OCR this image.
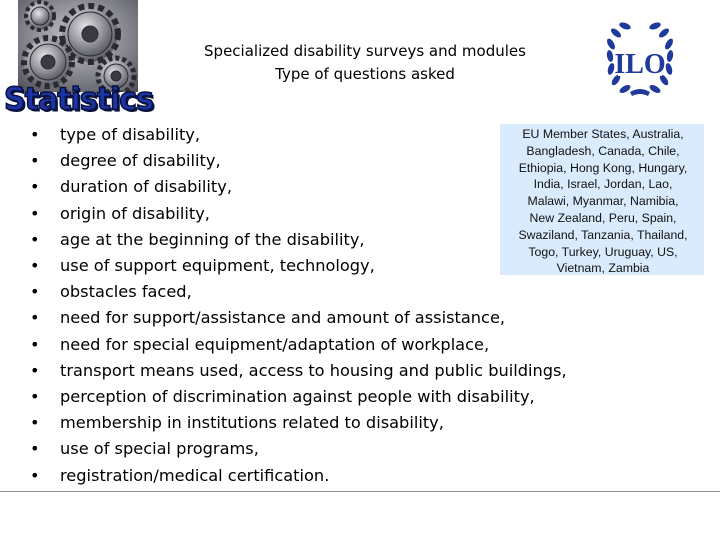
Statistics
Specialized disability surveys and modules
Type of questions asked	ILO
EU Member States, Australia,
Bangladesh, Canada, Chile,
Ethiopia, Hong Kong, Hungary,
India, Israel, Jordan, Lao,
Malawi, Myanmar, Namibia,
New Zealand, Peru, Spain,
Swaziland, Tanzania, Thailand,
Togo, Turkey, Uruguay, US,
Vietnam, Zambia
• type of disability,
• degree of disability,
• duration of disability,
• origin of disability,
• age at the beginning of the disability,
• use of support equipment, technology,
• obstacles faced,
• need for support/assistance and amount of assistance,
• need for special equipment/adaptation of workplace,
• transport means used, access to housing and public buildings,
• perception of discrimination against people with disability,
• membership in institutions related to disability,
• use of special programs,
• registration/medical certification.
